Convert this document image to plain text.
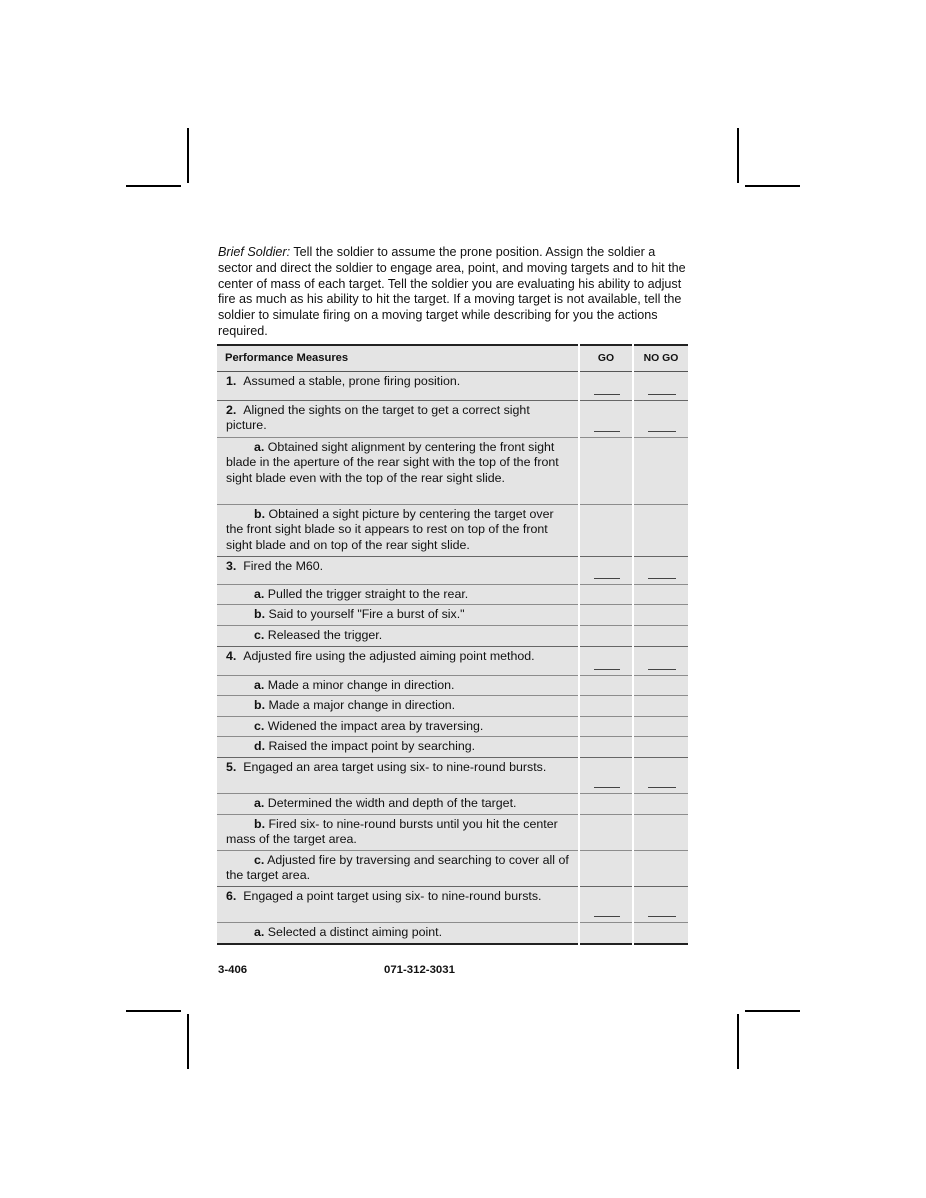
Brief Soldier: Tell the soldier to assume the prone position. Assign the soldier a sector and direct the soldier to engage area, point, and moving targets and to hit the center of mass of each target. Tell the soldier you are evaluating his ability to adjust fire as much as his ability to hit the target. If a moving target is not available, tell the soldier to simulate firing on a moving target while describing for you the actions required.

Performance Measures	GO	NO GO
1. Assumed a stable, prone firing position.	

2. Aligned the sights on the target to get a correct sight picture.	

a. Obtained sight alignment by centering the front sight blade in the aperture of the rear sight with the top of the front sight blade even with the top of the rear sight slide.		
b. Obtained a sight picture by centering the target over the front sight blade so it appears to rest on top of the front sight blade and on top of the rear sight slide.		
3. Fired the M60.	

a. Pulled the trigger straight to the rear.		
b. Said to yourself "Fire a burst of six."		
c. Released the trigger.		
4. Adjusted fire using the adjusted aiming point method.	

a. Made a minor change in direction.		
b. Made a major change in direction.		
c. Widened the impact area by traversing.		
d. Raised the impact point by searching.		
5. Engaged an area target using six- to nine-round bursts.	

a. Determined the width and depth of the target.		
b. Fired six- to nine-round bursts until you hit the center mass of the target area.		
c. Adjusted fire by traversing and searching to cover all of the target area.		
6. Engaged a point target using six- to nine-round bursts.	

a. Selected a distinct aiming point.		
3-406	071-312-3031
